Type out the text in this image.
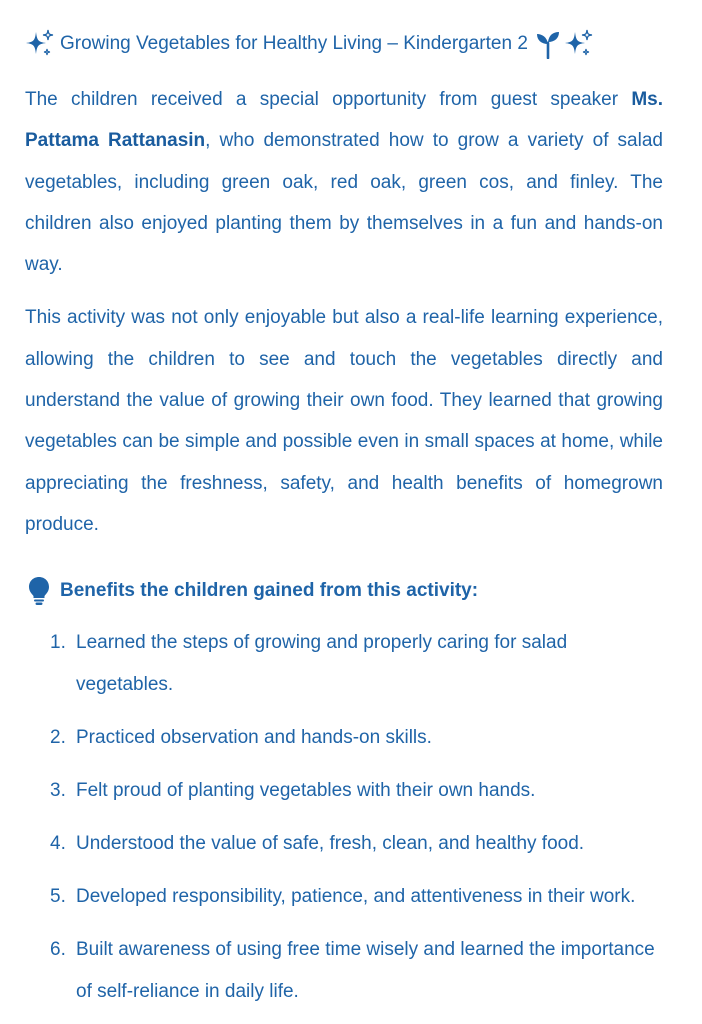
Growing Vegetables for Healthy Living – Kindergarten 2

The children received a special opportunity from guest speaker Ms. Pattama Rattanasin, who demonstrated how to grow a variety of salad vegetables, including green oak, red oak, green cos, and finley. The children also enjoyed planting them by themselves in a fun and hands-on way.

This activity was not only enjoyable but also a real-life learning experience, allowing the children to see and touch the vegetables directly and understand the value of growing their own food. They learned that growing vegetables can be simple and possible even in small spaces at home, while appreciating the freshness, safety, and health benefits of homegrown produce.

Benefits the children gained from this activity:
1. Learned the steps of growing and properly caring for salad vegetables.
2. Practiced observation and hands-on skills.
3. Felt proud of planting vegetables with their own hands.
4. Understood the value of safe, fresh, clean, and healthy food.
5. Developed responsibility, patience, and attentiveness in their work.
6. Built awareness of using free time wisely and learned the importance of self-reliance in daily life.
